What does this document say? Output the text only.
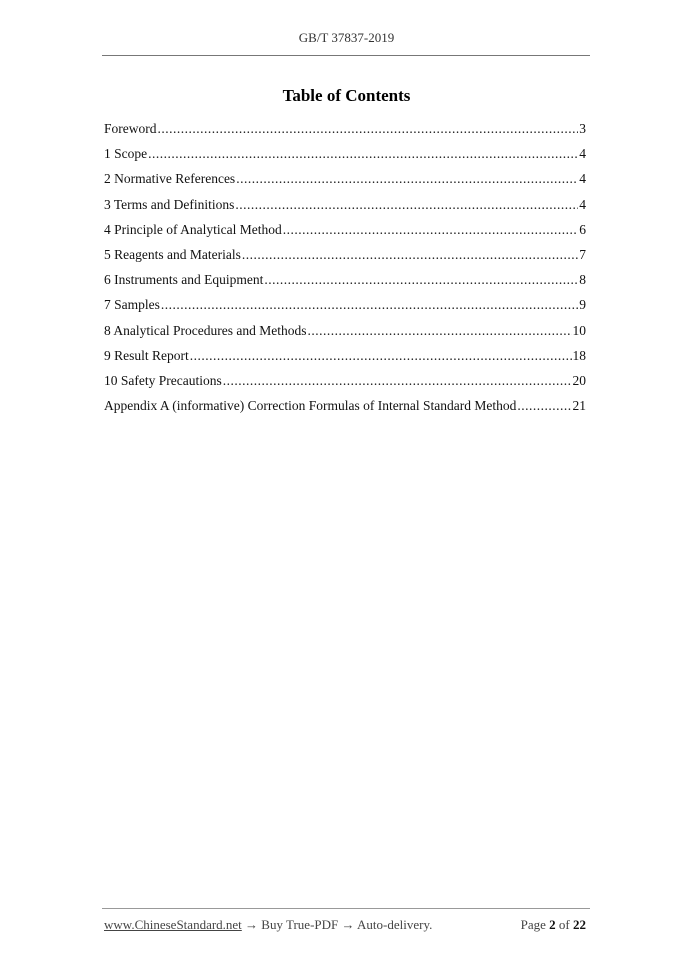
GB/T 37837-2019
Table of Contents
Foreword .....	3
1 Scope .....	4
2 Normative References .....	4
3 Terms and Definitions .....	4
4 Principle of Analytical Method .....	6
5 Reagents and Materials .....	7
6 Instruments and Equipment .....	8
7 Samples .....	9
8 Analytical Procedures and Methods .....	10
9 Result Report .....	18
10 Safety Precautions .....	20
Appendix A (informative) Correction Formulas of Internal Standard Method .....	21
www.ChineseStandard.net → Buy True-PDF → Auto-delivery.	Page 2 of 22
